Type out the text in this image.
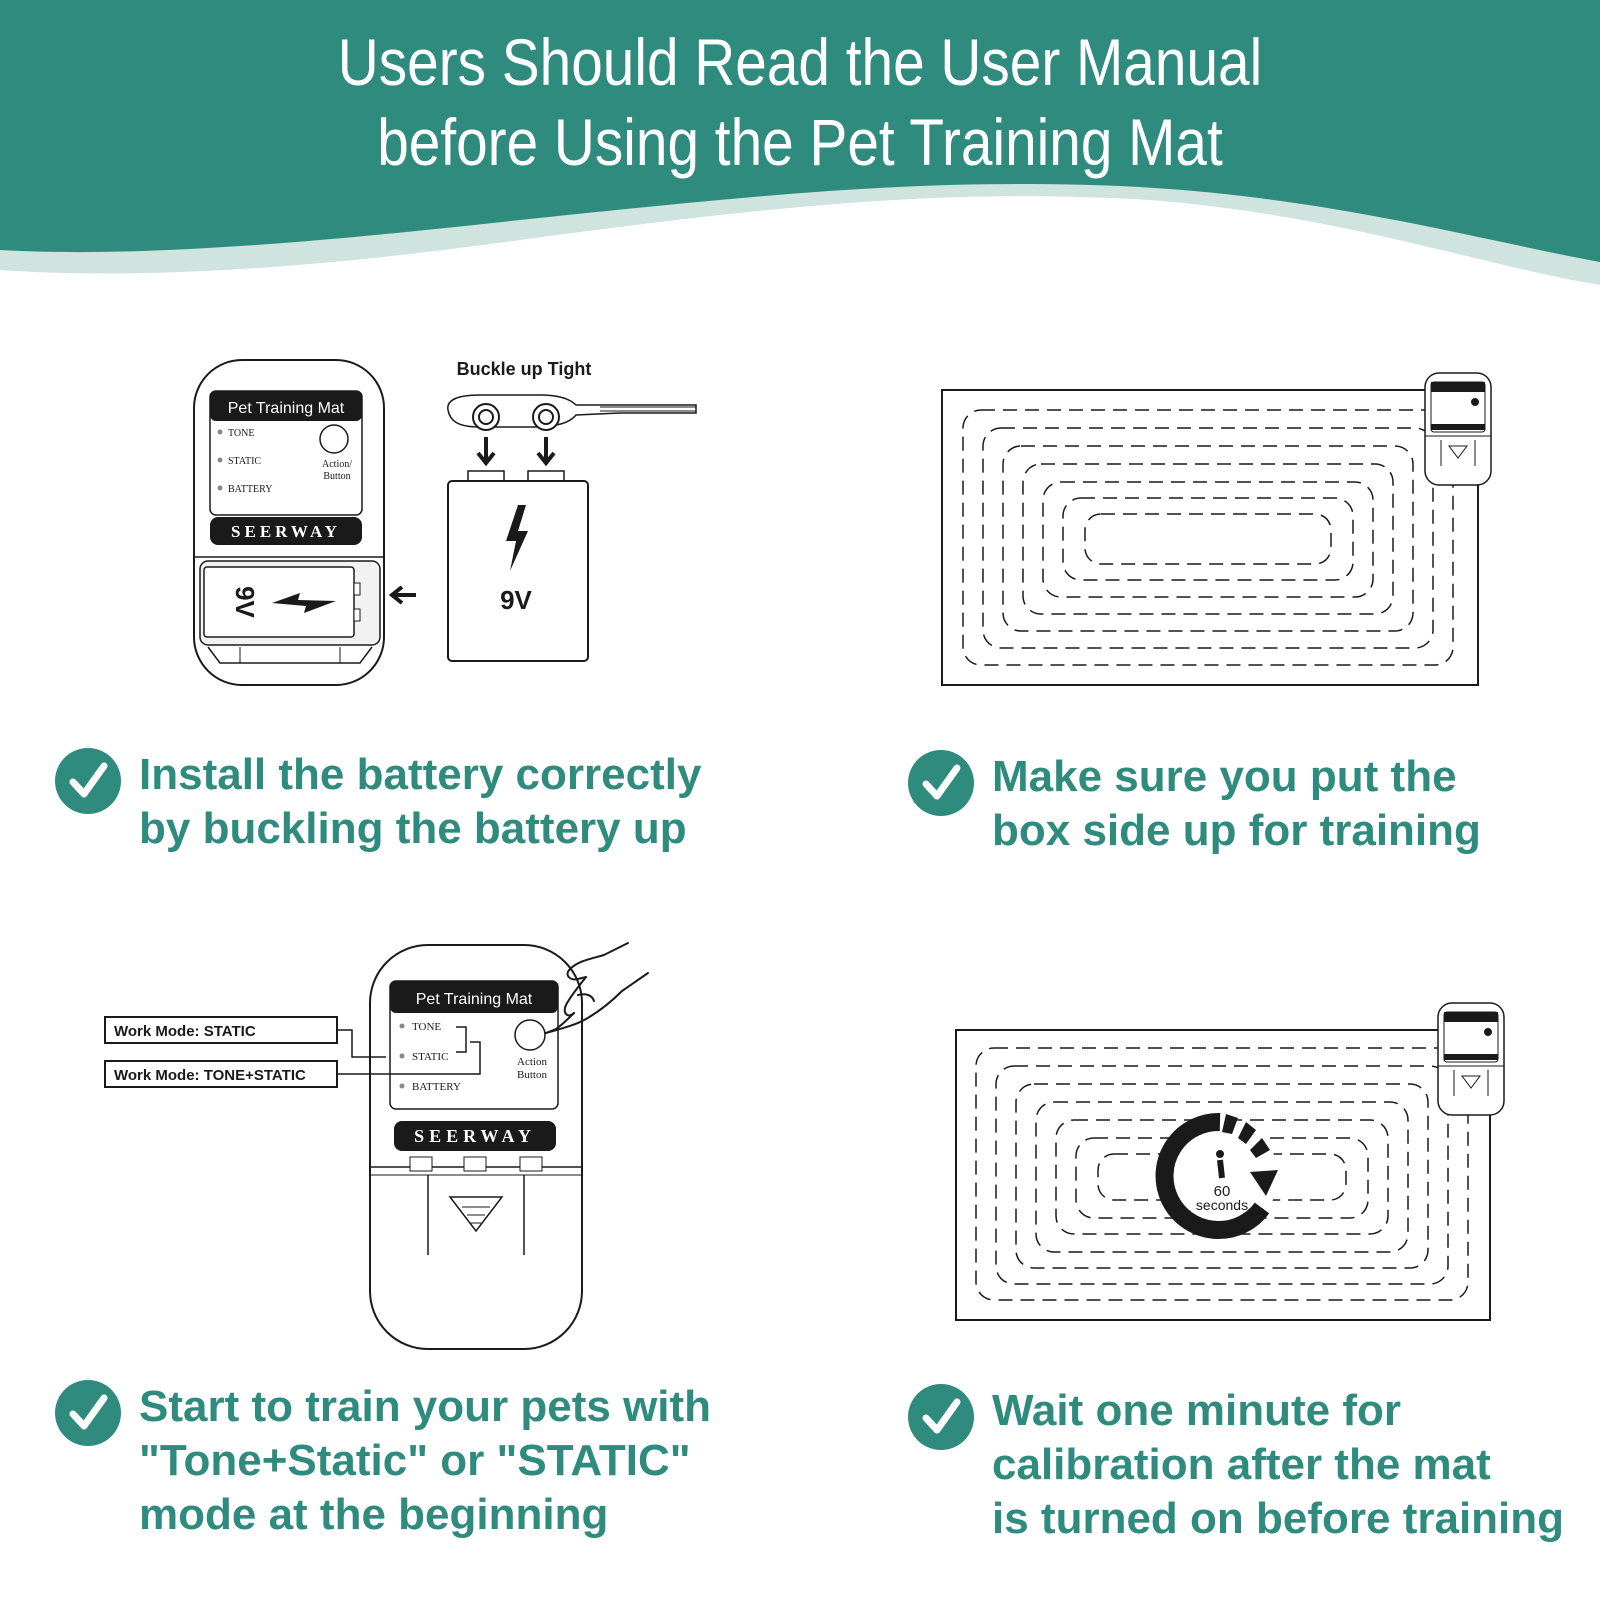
Users Should Read the User Manual
before Using the Pet Training Mat
Pet Training Mat
TONE
STATIC
BATTERY
Action/
Button
SEERWAY
9V
Buckle up Tight
9V
Pet Training Mat
TONE
STATIC
BATTERY
Action
Button
SEERWAY
Work Mode: STATIC
Work Mode: TONE+STATIC
60
seconds
Install the battery correctly
by buckling the battery up
Make sure you put the
box side up for training
Start to train your pets with
"Tone+Static" or "STATIC"
mode at the beginning
Wait one minute for
calibration after the mat
is turned on before training
